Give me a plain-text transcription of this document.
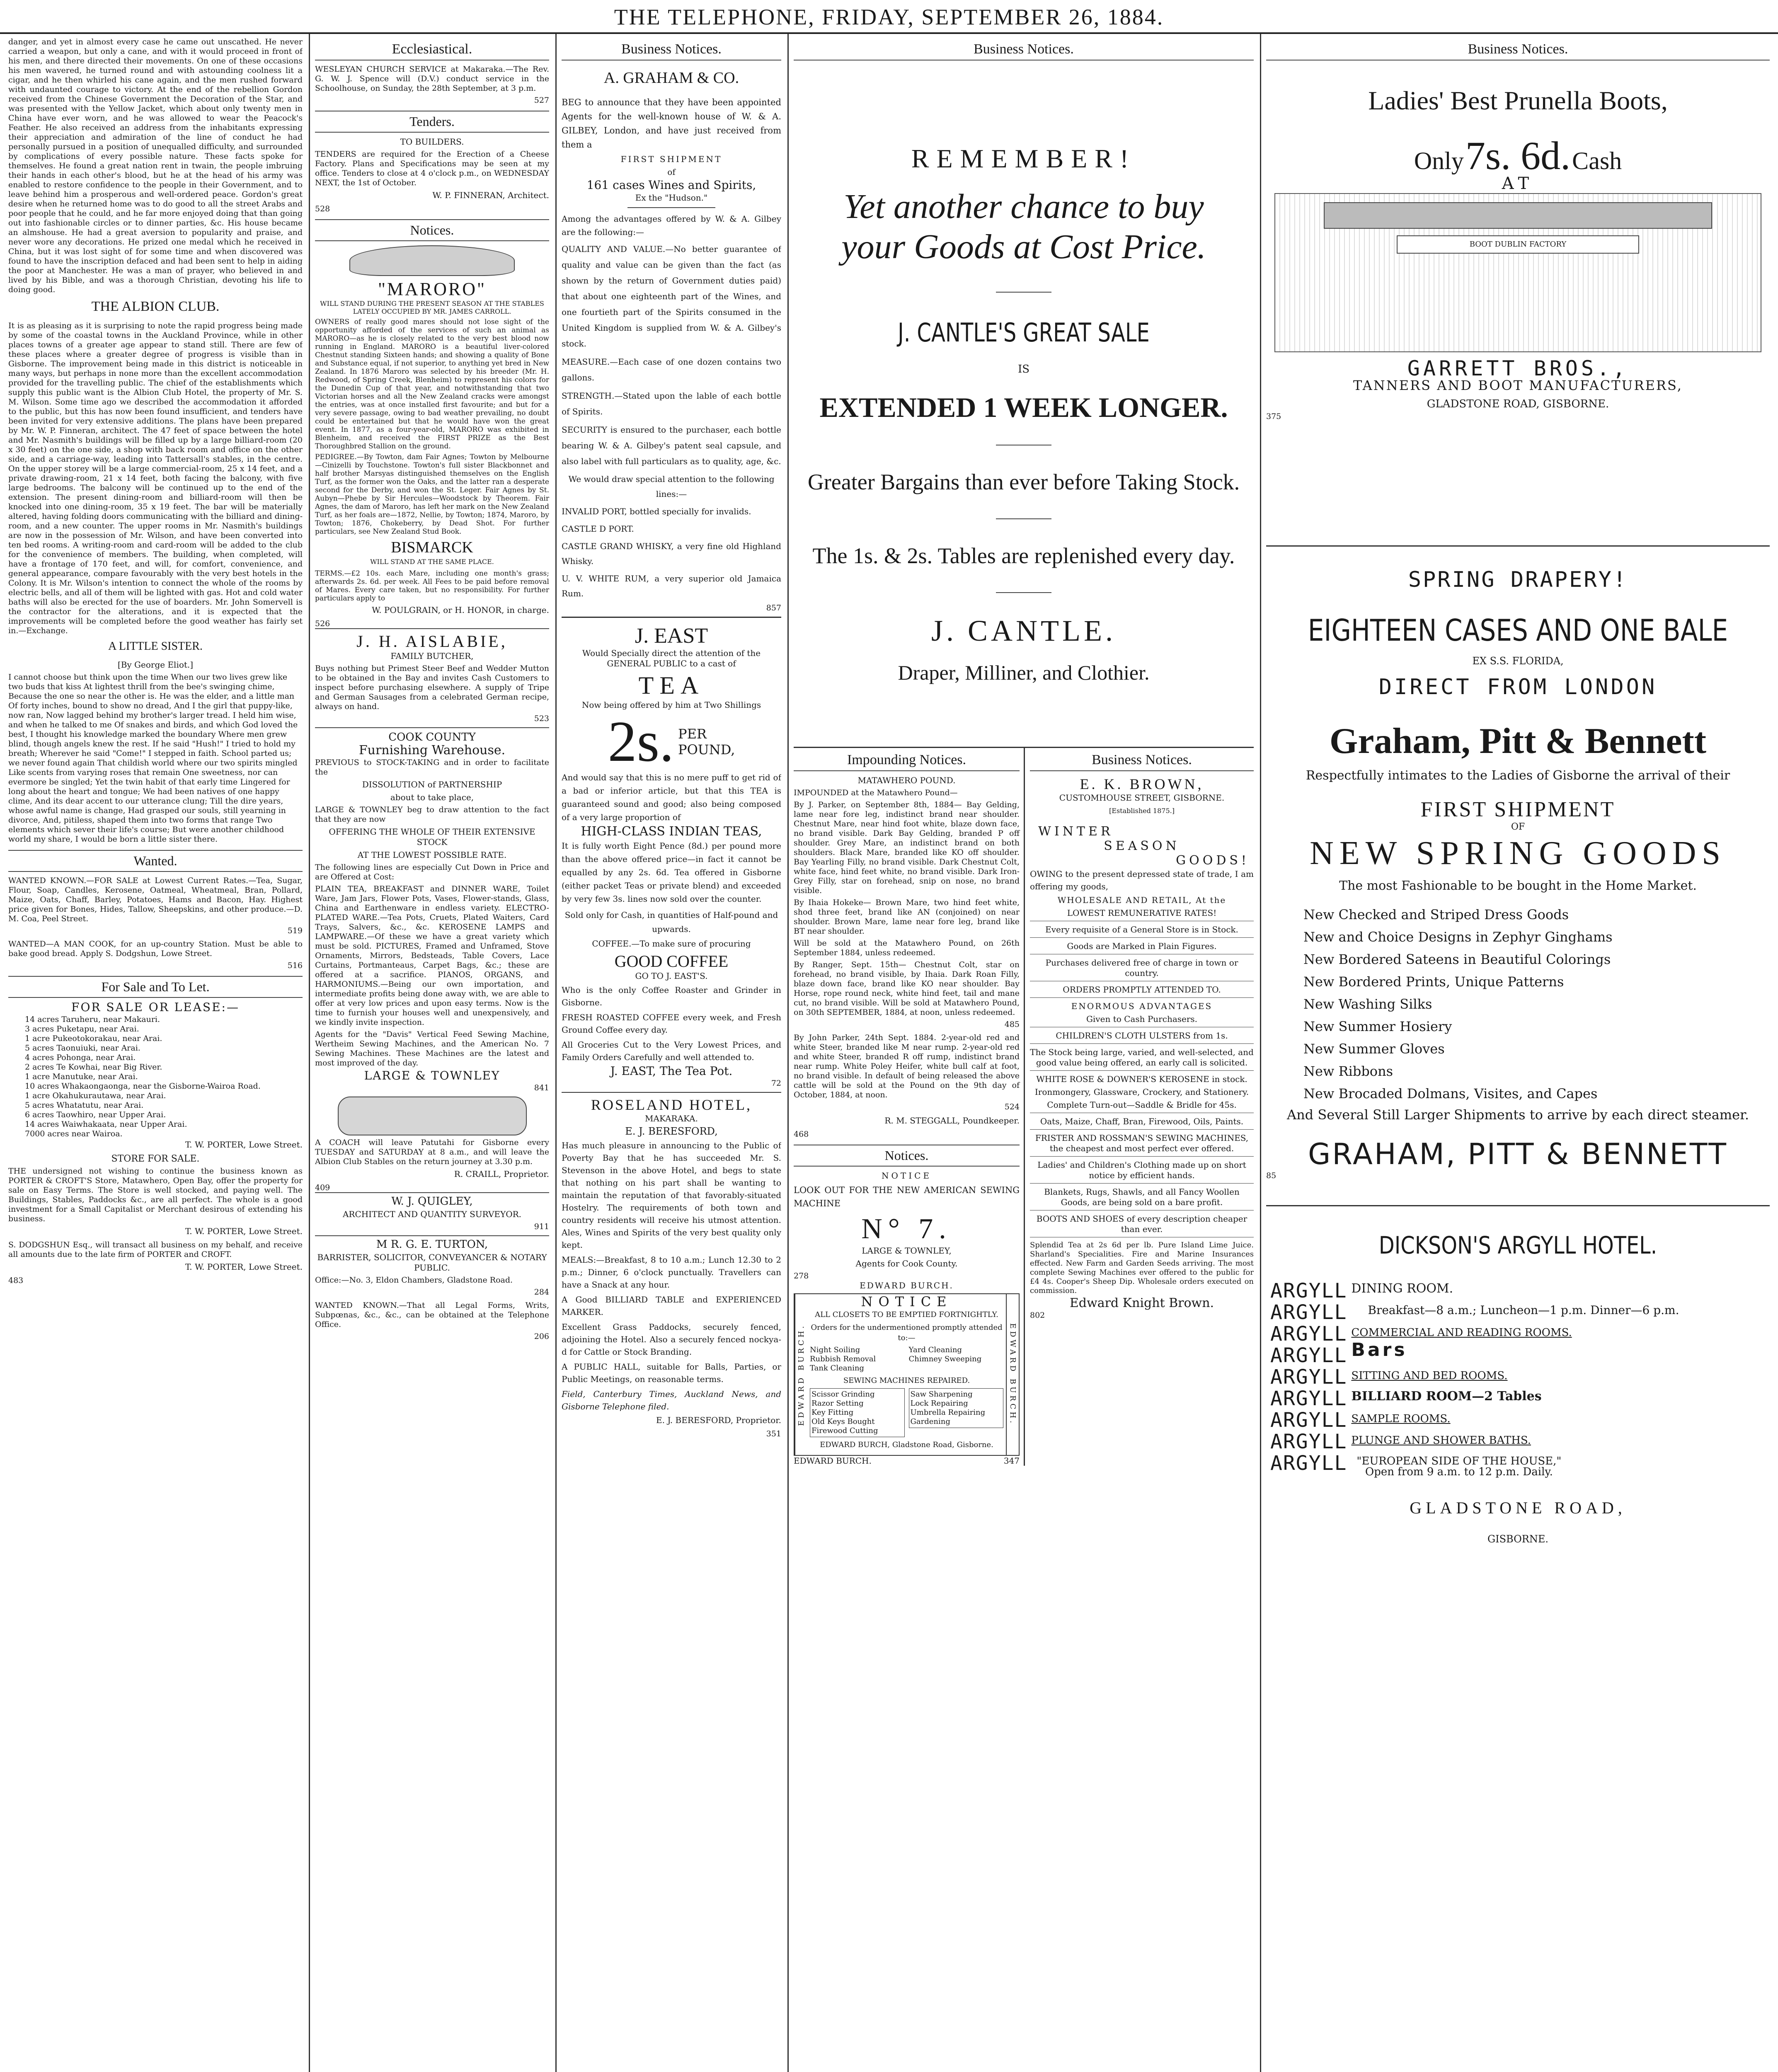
THE TELEPHONE, FRIDAY, SEPTEMBER 26, 1884.

danger, and yet in almost every case he came out unscathed. He never carried a weapon, but only a cane, and with it would proceed in front of his men, and there directed their movements. On one of these occasions his men wavered, he turned round and with astounding coolness lit a cigar, and he then whirled his cane again, and the men rushed forward with undaunted courage to victory. At the end of the rebellion Gordon received from the Chinese Government the Decoration of the Star, and was presented with the Yellow Jacket, which about only twenty men in China have ever worn, and he was allowed to wear the Peacock's Feather. He also received an address from the inhabitants expressing their appreciation and admiration of the line of conduct he had personally pursued in a position of unequalled difficulty, and surrounded by complications of every possible nature. These facts spoke for themselves. He found a great nation rent in twain, the people imbruing their hands in each other's blood, but he at the head of his army was enabled to restore confidence to the people in their Government, and to leave behind him a prosperous and well-ordered peace. Gordon's great desire when he returned home was to do good to all the street Arabs and poor people that he could, and he far more enjoyed doing that than going out into fashionable circles or to dinner parties, &c. His house became an almshouse. He had a great aversion to popularity and praise, and never wore any decorations. He prized one medal which he received in China, but it was lost sight of for some time and when discovered was found to have the inscription defaced and had been sent to help in aiding the poor at Manchester. He was a man of prayer, who believed in and lived by his Bible, and was a thorough Christian, devoting his life to doing good.

THE ALBION CLUB.

It is as pleasing as it is surprising to note the rapid progress being made by some of the coastal towns in the Auckland Province, while in other places towns of a greater age appear to stand still. There are few of these places where a greater degree of progress is visible than in Gisborne. The improvement being made in this district is noticeable in many ways, but perhaps in none more than the excellent accommodation provided for the travelling public. The chief of the establishments which supply this public want is the Albion Club Hotel, the property of Mr. S. M. Wilson. Some time ago we described the accommodation it afforded to the public, but this has now been found insufficient, and tenders have been invited for very extensive additions. The plans have been prepared by Mr. W. P. Finneran, architect. The 47 feet of space between the hotel and Mr. Nasmith's buildings will be filled up by a large billiard-room (20 x 30 feet) on the one side, a shop with back room and office on the other side, and a carriage-way, leading into Tattersall's stables, in the centre. On the upper storey will be a large commercial-room, 25 x 14 feet, and a private drawing-room, 21 x 14 feet, both facing the balcony, with five large bedrooms. The balcony will be continued up to the end of the extension. The present dining-room and billiard-room will then be knocked into one dining-room, 35 x 19 feet. The bar will be materially altered, having folding doors communicating with the billiard and dining-room, and a new counter. The upper rooms in Mr. Nasmith's buildings are now in the possession of Mr. Wilson, and have been converted into ten bed rooms. A writing-room and card-room will be added to the club for the convenience of members. The building, when completed, will have a frontage of 170 feet, and will, for comfort, convenience, and general appearance, compare favourably with the very best hotels in the Colony. It is Mr. Wilson's intention to connect the whole of the rooms by electric bells, and all of them will be lighted with gas. Hot and cold water baths will also be erected for the use of boarders. Mr. John Somervell is the contractor for the alterations, and it is expected that the improvements will be completed before the good weather has fairly set in.—Exchange.

A LITTLE SISTER.
[By George Eliot.]

I cannot choose but think upon the time When our two lives grew like two buds that kiss At lightest thrill from the bee's swinging chime, Because the one so near the other is. He was the elder, and a little man Of forty inches, bound to show no dread, And I the girl that puppy-like, now ran, Now lagged behind my brother's larger tread. I held him wise, and when he talked to me Of snakes and birds, and which God loved the best, I thought his knowledge marked the boundary Where men grew blind, though angels knew the rest. If he said "Hush!" I tried to hold my breath; Wherever he said "Come!" I stepped in faith. School parted us; we never found again That childish world where our two spirits mingled Like scents from varying roses that remain One sweetness, nor can evermore be singled; Yet the twin habit of that early time Lingered for long about the heart and tongue; We had been natives of one happy clime, And its dear accent to our utterance clung; Till the dire years, whose awful name is change, Had grasped our souls, still yearning in divorce, And, pitiless, shaped them into two forms that range Two elements which sever their life's course; But were another childhood world my share, I would be born a little sister there.

Wanted.

WANTED KNOWN.—FOR SALE at Lowest Current Rates.—Tea, Sugar, Flour, Soap, Candles, Kerosene, Oatmeal, Wheatmeal, Bran, Pollard, Maize, Oats, Chaff, Barley, Potatoes, Hams and Bacon, Hay. Highest price given for Bones, Hides, Tallow, Sheepskins, and other produce.—D. M. Coa, Peel Street.

519

WANTED—A MAN COOK, for an up-country Station. Must be able to bake good bread. Apply S. Dodgshun, Lowe Street.

516
For Sale and To Let.
FOR SALE OR LEASE:—
14 acres Taruheru, near Makauri.
3 acres Puketapu, near Arai.
1 acre Pukeotokorakau, near Arai.
5 acres Taonuiuki, near Arai.
4 acres Pohonga, near Arai.
2 acres Te Kowhai, near Big River.
1 acre Manutuke, near Arai.
10 acres Whakaongaonga, near the Gisborne-Wairoa Road.
1 acre Okahukurautawa, near Arai.
5 acres Whatatutu, near Arai.
6 acres Taowhiro, near Upper Arai.
14 acres Waiwhakaata, near Upper Arai.
7000 acres near Wairoa.
T. W. PORTER, Lowe Street.
STORE FOR SALE.

THE undersigned not wishing to continue the business known as PORTER & CROFT'S Store, Matawhero, Open Bay, offer the property for sale on Easy Terms. The Store is well stocked, and paying well. The Buildings, Stables, Paddocks &c., are all perfect. The whole is a good investment for a Small Capitalist or Merchant desirous of extending his business.

T. W. PORTER, Lowe Street.

S. DODGSHUN Esq., will transact all business on my behalf, and receive all amounts due to the late firm of PORTER and CROFT.

T. W. PORTER, Lowe Street.
483
Ecclesiastical.

WESLEYAN CHURCH SERVICE at Makaraka.—The Rev. G. W. J. Spence will (D.V.) conduct service in the Schoolhouse, on Sunday, the 28th September, at 3 p.m.

527
Tenders.
TO BUILDERS.

TENDERS are required for the Erection of a Cheese Factory. Plans and Specifications may be seen at my office. Tenders to close at 4 o'clock p.m., on WEDNESDAY NEXT, the 1st of October.

W. P. FINNERAN, Architect.
528
Notices.
"MARORO"
WILL STAND DURING THE PRESENT SEASON AT THE STABLES LATELY OCCUPIED BY MR. JAMES CARROLL.

OWNERS of really good mares should not lose sight of the opportunity afforded of the services of such an animal as MARORO—as he is closely related to the very best blood now running in England. MARORO is a beautiful liver-colored Chestnut standing Sixteen hands; and showing a quality of Bone and Substance equal, if not superior, to anything yet bred in New Zealand. In 1876 Maroro was selected by his breeder (Mr. H. Redwood, of Spring Creek, Blenheim) to represent his colors for the Dunedin Cup of that year, and notwithstanding that two Victorian horses and all the New Zealand cracks were amongst the entries, was at once installed first favourite; and but for a very severe passage, owing to bad weather prevailing, no doubt could be entertained but that he would have won the great event. In 1877, as a four-year-old, MARORO was exhibited in Blenheim, and received the FIRST PRIZE as the Best Thoroughbred Stallion on the ground.

PEDIGREE.—By Towton, dam Fair Agnes; Towton by Melbourne—Cinizelli by Touchstone. Towton's full sister Blackbonnet and half brother Marsyas distinguished themselves on the English Turf, as the former won the Oaks, and the latter ran a desperate second for the Derby, and won the St. Leger. Fair Agnes by St. Aubyn—Phebe by Sir Hercules—Woodstock by Theorem. Fair Agnes, the dam of Maroro, has left her mark on the New Zealand Turf, as her foals are—1872, Nellie, by Towton; 1874, Maroro, by Towton; 1876, Chokeberry, by Dead Shot. For further particulars, see New Zealand Stud Book.

BISMARCK
WILL STAND AT THE SAME PLACE.

TERMS.—£2 10s. each Mare, including one month's grass; afterwards 2s. 6d. per week. All Fees to be paid before removal of Mares. Every care taken, but no responsibility. For further particulars apply to

W. POULGRAIN, or H. HONOR, in charge.
526
J. H. AISLABIE,
FAMILY BUTCHER,

Buys nothing but Primest Steer Beef and Wedder Mutton to be obtained in the Bay and invites Cash Customers to inspect before purchasing elsewhere. A supply of Tripe and German Sausages from a celebrated German recipe, always on hand.

523
COOK COUNTY
Furnishing Warehouse.

PREVIOUS to STOCK-TAKING and in order to facilitate the

DISSOLUTION of PARTNERSHIP
about to take place,

LARGE & TOWNLEY beg to draw attention to the fact that they are now

OFFERING THE WHOLE OF THEIR EXTENSIVE STOCK
AT THE LOWEST POSSIBLE RATE.

The following lines are especially Cut Down in Price and are Offered at Cost:

PLAIN TEA, BREAKFAST and DINNER WARE, Toilet Ware, Jam Jars, Flower Pots, Vases, Flower-stands, Glass, China and Earthenware in endless variety. ELECTRO-PLATED WARE.—Tea Pots, Cruets, Plated Waiters, Card Trays, Salvers, &c., &c. KEROSENE LAMPS and LAMPWARE.—Of these we have a great variety which must be sold. PICTURES, Framed and Unframed, Stove Ornaments, Mirrors, Bedsteads, Table Covers, Lace Curtains, Portmanteaus, Carpet Bags, &c.; these are offered at a sacrifice. PIANOS, ORGANS, and HARMONIUMS.—Being our own importation, and intermediate profits being done away with, we are able to offer at very low prices and upon easy terms. Now is the time to furnish your houses well and unexpensively, and we kindly invite inspection.

Agents for the "Davis" Vertical Feed Sewing Machine, Wertheim Sewing Machines, and the American No. 7 Sewing Machines. These Machines are the latest and most improved of the day.

LARGE & TOWNLEY
841

A COACH will leave Patutahi for Gisborne every TUESDAY and SATURDAY at 8 a.m., and will leave the Albion Club Stables on the return journey at 3.30 p.m.

R. CRAILL, Proprietor.
409
W. J. QUIGLEY,
ARCHITECT AND QUANTITY SURVEYOR.
911
M R. G. E. TURTON,
BARRISTER, SOLICITOR, CONVEYANCER & NOTARY PUBLIC.

Office:—No. 3, Eldon Chambers, Gladstone Road.

284

WANTED KNOWN.—That all Legal Forms, Writs, Subpœnas, &c., &c., can be obtained at the Telephone Office.

206
Business Notices.
A. GRAHAM & CO.

BEG to announce that they have been appointed Agents for the well-known house of W. & A. GILBEY, London, and have just received from them a

FIRST SHIPMENT
of
161 cases Wines and Spirits,
Ex the "Hudson."

Among the advantages offered by W. & A. Gilbey are the following:—

QUALITY AND VALUE.—No better guarantee of quality and value can be given than the fact (as shown by the return of Government duties paid) that about one eighteenth part of the Wines, and one fourtieth part of the Spirits consumed in the United Kingdom is supplied from W. & A. Gilbey's stock.

MEASURE.—Each case of one dozen contains two gallons.

STRENGTH.—Stated upon the lable of each bottle of Spirits.

SECURITY is ensured to the purchaser, each bottle bearing W. & A. Gilbey's patent seal capsule, and also label with full particulars as to quality, age, &c.

We would draw special attention to the following lines:—

INVALID PORT, bottled specially for invalids.

CASTLE D PORT.

CASTLE GRAND WHISKY, a very fine old Highland Whisky.

U. V. WHITE RUM, a very superior old Jamaica Rum.

857
J. EAST
Would Specially direct the attention of the GENERAL PUBLIC to a cast of
TEA
Now being offered by him at Two Shillings
2s. PER
POUND,

And would say that this is no mere puff to get rid of a bad or inferior article, but that this TEA is guaranteed sound and good; also being composed of a very large proportion of

HIGH-CLASS INDIAN TEAS,

It is fully worth Eight Pence (8d.) per pound more than the above offered price—in fact it cannot be equalled by any 2s. 6d. Tea offered in Gisborne (either packet Teas or private blend) and exceeded by very few 3s. lines now sold over the counter.

Sold only for Cash, in quantities of Half-pound and upwards.

COFFEE.—To make sure of procuring
GOOD COFFEE
GO TO J. EAST'S.

Who is the only Coffee Roaster and Grinder in Gisborne.

FRESH ROASTED COFFEE every week, and Fresh Ground Coffee every day.

All Groceries Cut to the Very Lowest Prices, and Family Orders Carefully and well attended to.

J. EAST, The Tea Pot.
72
ROSELAND HOTEL,
MAKARAKA.
E. J. BERESFORD,

Has much pleasure in announcing to the Public of Poverty Bay that he has succeeded Mr. S. Stevenson in the above Hotel, and begs to state that nothing on his part shall be wanting to maintain the reputation of that favorably-situated Hostelry. The requirements of both town and country residents will receive his utmost attention. Ales, Wines and Spirits of the very best quality only kept.

MEALS:—Breakfast, 8 to 10 a.m.; Lunch 12.30 to 2 p.m.; Dinner, 6 o'clock punctually. Travellers can have a Snack at any hour.

A Good BILLIARD TABLE and EXPERIENCED MARKER.

Excellent Grass Paddocks, securely fenced, adjoining the Hotel. Also a securely fenced nockya-d for Cattle or Stock Branding.

A PUBLIC HALL, suitable for Balls, Parties, or Public Meetings, on reasonable terms.

Field, Canterbury Times, Auckland News, and Gisborne Telephone filed.

E. J. BERESFORD, Proprietor.
351
Business Notices.
REMEMBER!
Yet another chance to buy
your Goods at Cost Price.
J. CANTLE'S GREAT SALE
IS
EXTENDED 1 WEEK LONGER.
Greater Bargains than ever before Taking Stock.
The 1s. & 2s. Tables are replenished every day.
J. CANTLE.
Draper, Milliner, and Clothier.
Impounding Notices.
MATAWHERO POUND.

IMPOUNDED at the Matawhero Pound—

By J. Parker, on September 8th, 1884— Bay Gelding, lame near fore leg, indistinct brand near shoulder. Chestnut Mare, near hind foot white, blaze down face, no brand visible. Dark Bay Gelding, branded P off shoulder. Grey Mare, an indistinct brand on both shoulders. Black Mare, branded like KO off shoulder. Bay Yearling Filly, no brand visible. Dark Chestnut Colt, white face, hind feet white, no brand visible. Dark Iron-Grey Filly, star on forehead, snip on nose, no brand visible.

By Ihaia Hokeke— Brown Mare, two hind feet white, shod three feet, brand like AN (conjoined) on near shoulder. Brown Mare, lame near fore leg, brand like BT near shoulder.

Will be sold at the Matawhero Pound, on 26th September 1884, unless redeemed.

By Ranger, Sept. 15th— Chestnut Colt, star on forehead, no brand visible, by Ihaia. Dark Roan Filly, blaze down face, brand like KO near shoulder. Bay Horse, rope round neck, white hind feet, tail and mane cut, no brand visible. Will be sold at Matawhero Pound, on 30th SEPTEMBER, 1884, at noon, unless redeemed.

485

By John Parker, 24th Sept. 1884. 2-year-old red and white Steer, branded like M near rump. 2-year-old red and white Steer, branded R off rump, indistinct brand near rump. White Poley Heifer, white bull calf at foot, no brand visible. In default of being released the above cattle will be sold at the Pound on the 9th day of October, 1884, at noon.

524
R. M. STEGGALL, Poundkeeper.
468
Notices.
NOTICE

LOOK OUT FOR THE NEW AMERICAN SEWING MACHINE

N° 7.
LARGE & TOWNLEY,
Agents for Cook County.
278
EDWARD BURCH.
EDWARD BURCH.
NOTICE
ALL CLOSETS TO BE EMPTIED FORTNIGHTLY.
Orders for the undermentioned promptly attended to:—
Night Soiling
Rubbish Removal
Tank Cleaning
Yard Cleaning
Chimney Sweeping
SEWING MACHINES REPAIRED.
Scissor Grinding
Razor Setting
Key Fitting
Old Keys Bought
Firewood Cutting
Saw Sharpening
Lock Repairing
Umbrella Repairing
Gardening
EDWARD BURCH, Gladstone Road, Gisborne.
EDWARD BURCH.
EDWARD BURCH.	347
Business Notices.
E. K. BROWN,
CUSTOMHOUSE STREET, GISBORNE.
[Established 1875.]
WINTER
SEASON
GOODS!

OWING to the present depressed state of trade, I am offering my goods,

WHOLESALE AND RETAIL, At the
LOWEST REMUNERATIVE RATES!
Every requisite of a General Store is in Stock.
Goods are Marked in Plain Figures.
Purchases delivered free of charge in town or country.
ORDERS PROMPTLY ATTENDED TO.
ENORMOUS ADVANTAGES
Given to Cash Purchasers.
CHILDREN'S CLOTH ULSTERS from 1s.

The Stock being large, varied, and well-selected, and good value being offered, an early call is solicited.

WHITE ROSE & DOWNER'S KEROSENE in stock.

Ironmongery, Glassware, Crockery, and Stationery.

Complete Turn-out—Saddle & Bridle for 45s.

Oats, Maize, Chaff, Bran, Firewood, Oils, Paints.

FRISTER AND ROSSMAN'S SEWING MACHINES, the cheapest and most perfect ever offered.

Ladies' and Children's Clothing made up on short notice by efficient hands.

Blankets, Rugs, Shawls, and all Fancy Woollen Goods, are being sold on a bare profit.

BOOTS AND SHOES of every description cheaper than ever.

Splendid Tea at 2s 6d per lb. Pure Island Lime Juice. Sharland's Specialities. Fire and Marine Insurances effected. New Farm and Garden Seeds arriving. The most complete Sewing Machines ever offered to the public for £4 4s. Cooper's Sheep Dip. Wholesale orders executed on commission.

Edward Knight Brown.
802
Business Notices.
Ladies' Best Prunella Boots,
Only 7s. 6d. Cash
AT
BOOT DUBLIN FACTORY
GARRETT BROS.,
TANNERS AND BOOT MANUFACTURERS,
GLADSTONE ROAD, GISBORNE.
375
SPRING DRAPERY!
EIGHTEEN CASES AND ONE BALE
EX S.S. FLORIDA,
DIRECT FROM LONDON
Graham, Pitt & Bennett
Respectfully intimates to the Ladies of Gisborne the arrival of their
FIRST SHIPMENT
OF
NEW SPRING GOODS
The most Fashionable to be bought in the Home Market.
New Checked and Striped Dress Goods
New and Choice Designs in Zephyr Ginghams
New Bordered Sateens in Beautiful Colorings
New Bordered Prints, Unique Patterns
New Washing Silks
New Summer Hosiery
New Summer Gloves
New Ribbons
New Brocaded Dolmans, Visites, and Capes
And Several Still Larger Shipments to arrive by each direct steamer.
GRAHAM, PITT & BENNETT
85
DICKSON'S ARGYLL HOTEL.
ARGYLL DINING ROOM.
ARGYLL	Breakfast—8 a.m.; Luncheon—1 p.m. Dinner—6 p.m.
ARGYLL COMMERCIAL AND READING ROOMS.
ARGYLL Bars
ARGYLL SITTING AND BED ROOMS.
ARGYLL BILLIARD ROOM—2 Tables
ARGYLL SAMPLE ROOMS.
ARGYLL PLUNGE AND SHOWER BATHS.
ARGYLL "EUROPEAN SIDE OF THE HOUSE," Open from 9 a.m. to 12 p.m. Daily.
GLADSTONE ROAD,
GISBORNE.
